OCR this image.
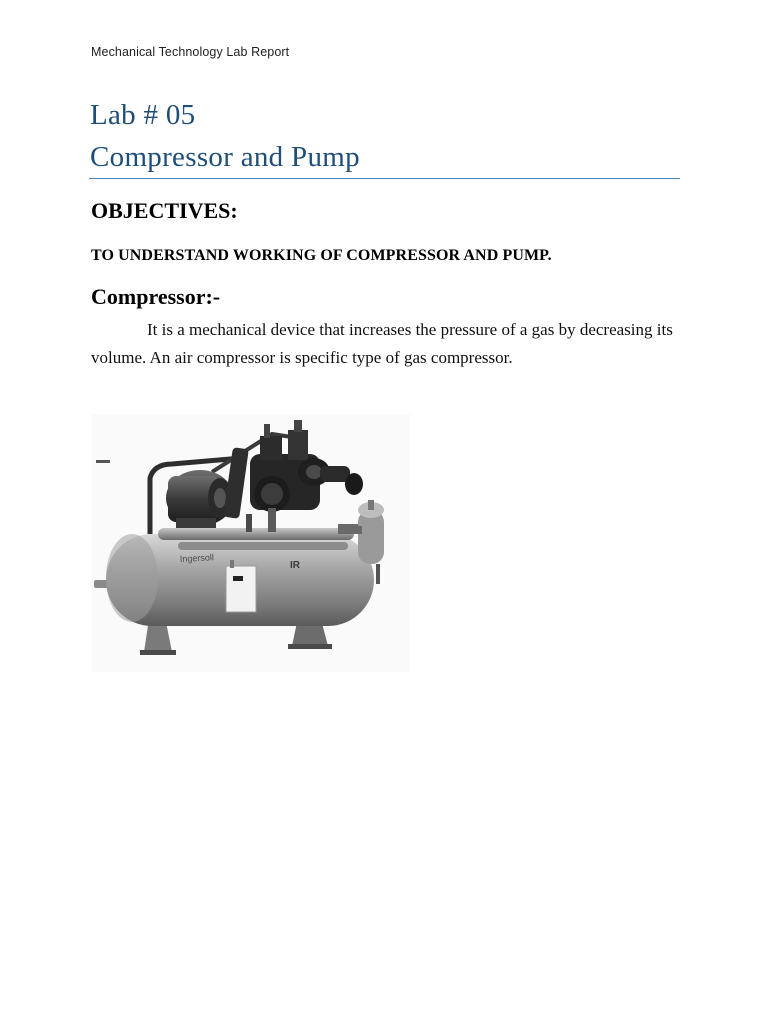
Mechanical Technology Lab Report
Lab # 05
Compressor and Pump
OBJECTIVES:
TO UNDERSTAND WORKING OF COMPRESSOR AND PUMP.
Compressor:-
It is a mechanical device that increases the pressure of a gas by decreasing its volume. An air compressor is specific type of gas compressor.
Ingersoll
IR
